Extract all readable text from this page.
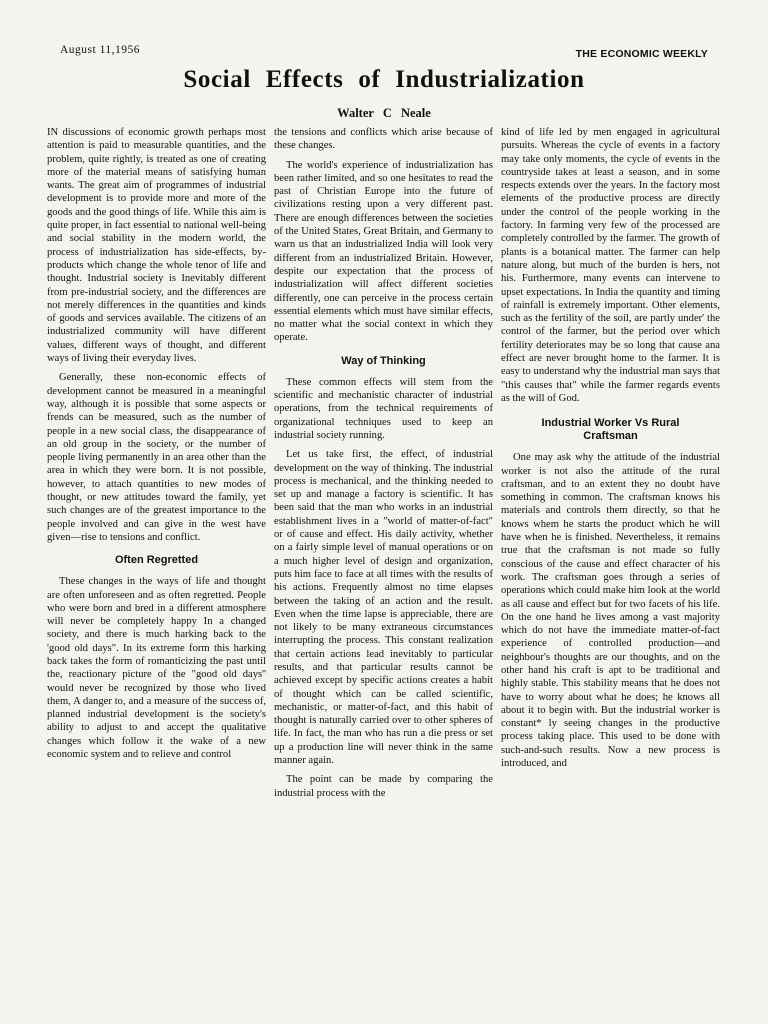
August 11,1956	THE ECONOMIC WEEKLY
Social Effects of Industrialization
Walter C Neale

IN discussions of economic growth perhaps most attention is paid to measurable quantities, and the problem, quite rightly, is treated as one of creating more of the material means of satisfying human wants. The great aim of programmes of industrial development is to provide more and more of the goods and the good things of life. While this aim is quite proper, in fact essential to national well-being and social stability in the modern world, the process of industrialization has side-effects, by-products which change the whole tenor of life and thought. Industrial society is Inevitably different from pre-industrial society, and the differences are not merely differences in the quantities and kinds of goods and services available. The citizens of an industrialized community will have different values, different ways of thought, and different ways of living their everyday lives.

Generally, these non-economic effects of development cannot be measured in a meaningful way, although it is possible that some aspects or frends can be measured, such as the number of people in a new social class, the disappearance of an old group in the society, or the number of people living permanently in an area other than the area in which they were born. It is not possible, however, to attach quantities to new modes of thought, or new attitudes toward the family, yet such changes are of the greatest importance to the people involved and can give in the west have given—rise to tensions and conflict.

Often Regretted

These changes in the ways of life and thought are often unforeseen and as often regretted. People who were born and bred in a different atmosphere will never be completely happy In a changed society, and there is much harking back to the 'good old days". In its extreme form this harking back takes the form of romanticizing the past until the, reactionary picture of the "good old days'' would never be recognized by those who lived them, A danger to, and a measure of the success of, planned industrial development is the society's ability to adjust to and accept the qualitative changes which follow it the wake of a new economic system and to relieve and control

the tensions and conflicts which arise because of these changes.

The world's experience of industrialization has been rather limited, and so one hesitates to read the past of Christian Europe into the future of civilizations resting upon a very different past. There are enough differences between the societies of the United States, Great Britain, and Germany to warn us that an industrialized India will look very different from an industrialized Britain. However, despite our expectation that the process of industrialization will affect different societies differently, one can perceive in the process certain essential elements which must have similar effects, no matter what the social context in which they operate.

Way of Thinking

These common effects will stem from the scientific and mechanistic character of industrial operations, from the technical requirements of organizational techniques used to keep an industrial society running.

Let us take first, the effect, of industrial development on the way of thinking. The industrial process is mechanical, and the thinking needed to set up and manage a factory is scientific. It has been said that the man who works in an industrial establishment lives in a "world of matter-of-fact" or of cause and effect. His daily activity, whether on a fairly simple level of manual operations or on a much higher level of design and organization, puts him face to face at all times with the results of his actions. Frequently almost no time elapses between the taking of an action and the result. Even when the time lapse is appreciable, there are not likely to be many extraneous circumstances interrupting the process. This constant realization that certain actions lead inevitably to particular results, and that particular results cannot be achieved except by specific actions creates a habit of thought which can be called scientific, mechanistic, or matter-of-fact, and this habit of thought is naturally carried over to other spheres of life. In fact, the man who has run a die press or set up a production line will never think in the same manner again.

The point can be made by comparing the industrial process with the

kind of life led by men engaged in agricultural pursuits. Whereas the cycle of events in a factory may take only moments, the cycle of events in the countryside takes at least a season, and in some respects extends over the years. In the factory most elements of the productive process are directly under the control of the people working in the factory. In farming very few of the processed are completely controlled by the farmer. The growth of plants is a botanical matter. The farmer can help nature along, but much of the burden is hers, not his. Furthermore, many events can intervene to upset expectations. In India the quantity and timing of rainfall is extremely important. Other elements, such as the fertility of the soil, are partly under' the control of the farmer, but the period over which fertility deteriorates may be so long that cause ana effect are never brought home to the farmer. It is easy to understand why the industrial man says that "this causes that" while the farmer regards events as the will of God.

Industrial Worker Vs Rural Craftsman

One may ask why the attitude of the industrial worker is not also the attitude of the rural craftsman, and to an extent they no doubt have something in common. The craftsman knows his materials and controls them directly, so that he knows whem he starts the product which he will have when he is finished. Nevertheless, it remains true that the craftsman is not made so fully conscious of the cause and effect character of his work. The craftsman goes through a series of operations which could make him look at the world as all cause and effect but for two facets of his life. On the one hand he lives among a vast majority which do not have the immediate matter-of-fact experience of controlled production—and neighbour's thoughts are our thoughts, and on the other hand his craft is apt to be traditional and highly stable. This stability means that he does not have to worry about what he does; he knows all about it to begin with. But the industrial worker is constant* ly seeing changes in the productive process taking place. This used to be done with such-and-such results. Now a new process is introduced, and
